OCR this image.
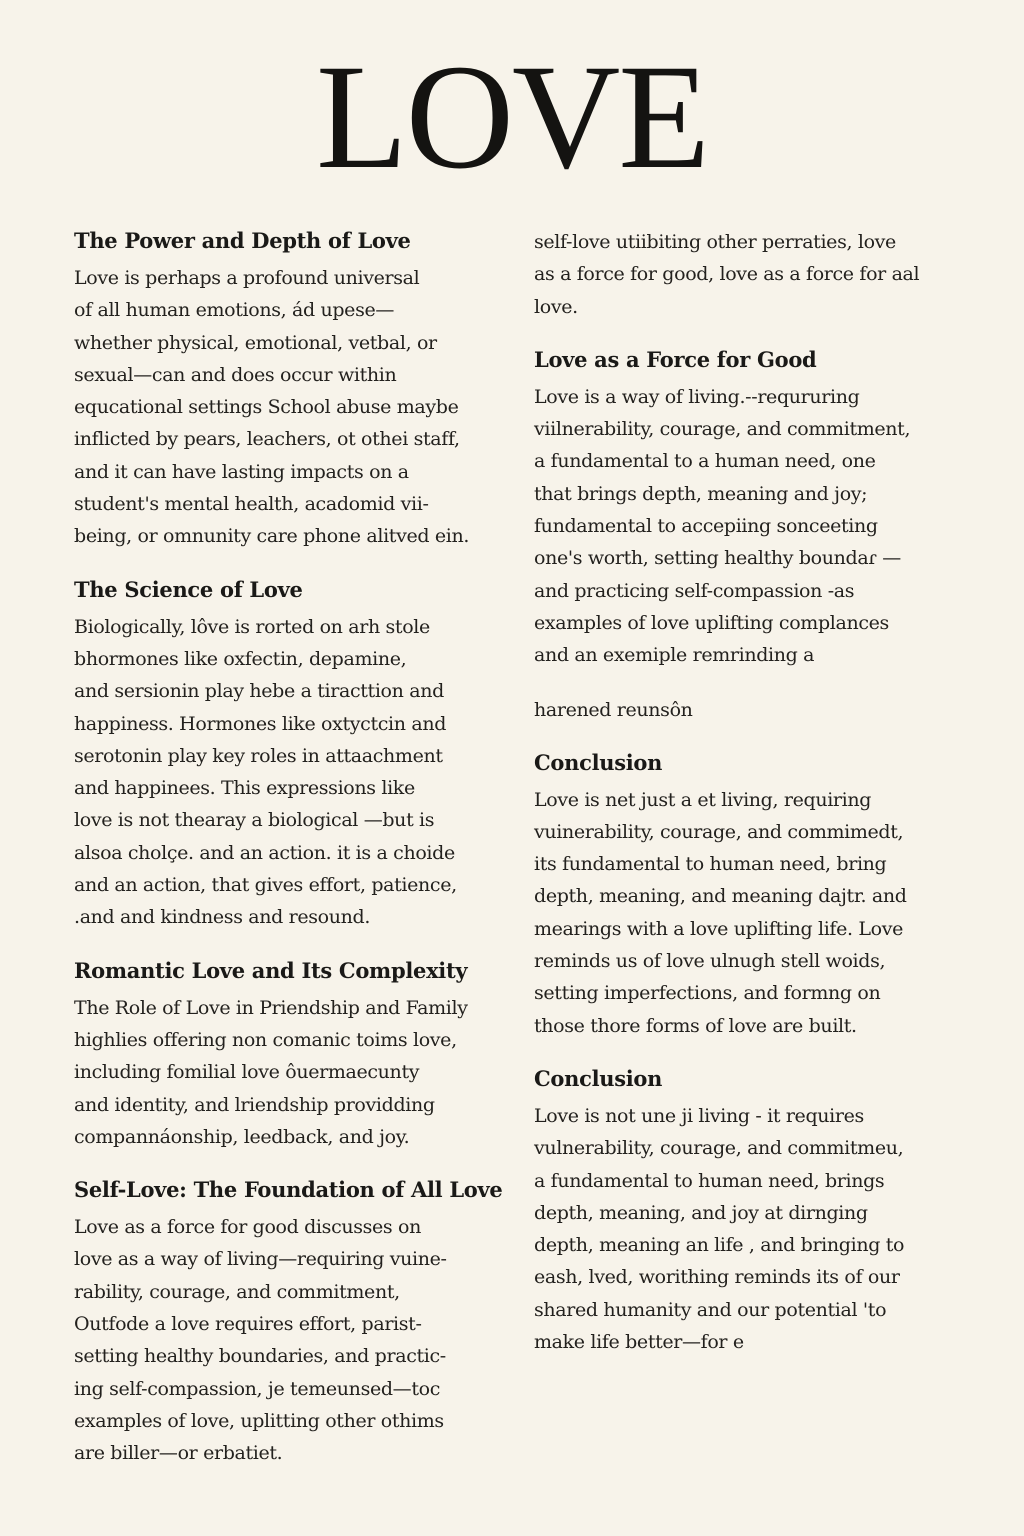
LOVE
The Power and Depth of Love

Love is perhaps a profound universal
of all human emotions, ád upese—
whether physical, emotional, vetbal, or
sexual—can and does occur within
equcational settings School abuse maybe
inflicted by pears, leachers, ot othei staff,
and it can have lasting impacts on a
student's mental health, acadomid vii-
being, or omnunity care phone alitved ein.

The Science of Love

Biologically, lôve is rorted on arh stole
bhormones like oxfectin, depamine,
and sersionin play hebe a tiracttion and
happiness. Hormones like oxtyctcin and
serotonin play key roles in attaachment
and happinees. This expressions like
love is not thearay a biological —but is
alsoa cholçe. and an action. it is a choide
and an action, that gives effort, patience,
.and and kindness and resound.

Romantic Love and Its Complexity

The Role of Love in Priendship and Family
highlies offering non comanic toims love,
including fomilial love ôuermaecunty
and identity, and lriendship providding
compannáonship, leedback, and joy.

Self-Love: The Foundation of All Love

Love as a force for good discusses on
love as a way of living—requiring vuine-
rability, courage, and commitment,
Outfode a love requires effort, parist-
setting healthy boundaries, and practic-
ing self-compassion, je temeunsed—toc
examples of love, uplitting other othims
are biller—or erbatiet.

self-love utiibiting other perraties, love
as a force for good, love as a force for aal
love.

Love as a Force for Good

Love is a way of living.--requruring
viilnerability, courage, and commitment,
a fundamental to a human need, one
that brings depth, meaning and joy;
fundamental to accepiing sonceeting
one's worth, setting healthy boundaɾ —
and practicing self-compassion -as
examples of love uplifting complances
and an exemiple remrinding a

harened reunsôn

Conclusion

Love is net just a et living, requiring
vuinerability, courage, and commimedt,
its fundamental to human need, bring
depth, meaning, and meaning dajtr. and
mearings with a love uplifting life. Love
reminds us of love ulnugh stell woids,
setting imperfections, and formng on
those thore forms of love are built.

Conclusion

Love is not une ji living - it requires
vulnerability, courage, and commitmeu,
a fundamental to human need, brings
depth, meaning, and joy at dirnging
depth, meaning an life , and bringing to
eash, lved, worithing reminds its of our
shared humanity and our potential 'to
make life better—for e
